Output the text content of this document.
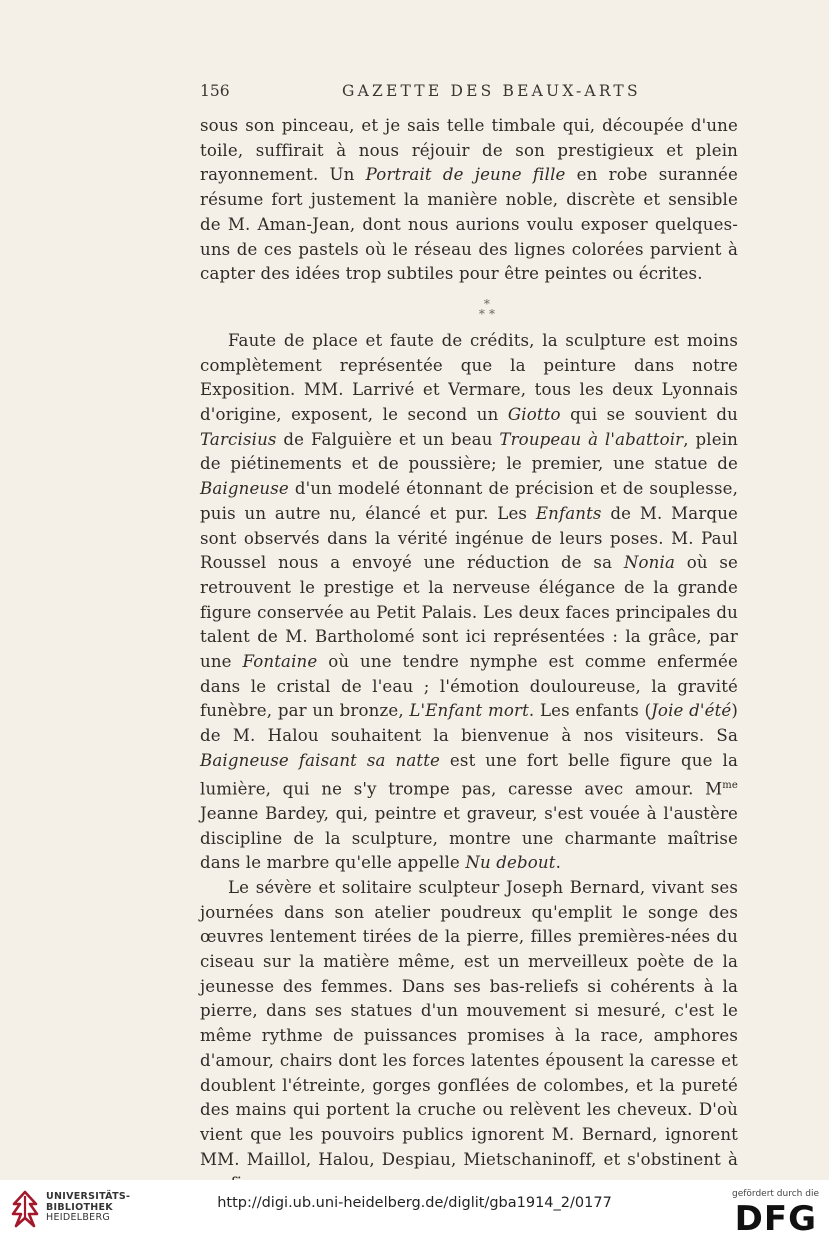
156	GAZETTE DES BEAUX-ARTS

sous son pinceau, et je sais telle timbale qui, découpée d'une toile, suffirait à nous réjouir de son prestigieux et plein rayonnement. Un Portrait de jeune fille en robe surannée résume fort justement la manière noble, discrète et sensible de M. Aman-Jean, dont nous aurions voulu exposer quelques-uns de ces pastels où le réseau des lignes colorées parvient à capter des idées trop subtiles pour être peintes ou écrites.

*
* *

Faute de place et faute de crédits, la sculpture est moins complètement représentée que la peinture dans notre Exposition. MM. Larrivé et Vermare, tous les deux Lyonnais d'origine, exposent, le second un Giotto qui se souvient du Tarcisius de Falguière et un beau Troupeau à l'abattoir, plein de piétinements et de poussière; le premier, une statue de Baigneuse d'un modelé étonnant de précision et de souplesse, puis un autre nu, élancé et pur. Les Enfants de M. Marque sont observés dans la vérité ingénue de leurs poses. M. Paul Roussel nous a envoyé une réduction de sa Nonia où se retrouvent le prestige et la nerveuse élégance de la grande figure conservée au Petit Palais. Les deux faces principales du talent de M. Bartholomé sont ici représentées : la grâce, par une Fontaine où une tendre nymphe est comme enfermée dans le cristal de l'eau ; l'émotion douloureuse, la gravité funèbre, par un bronze, L'Enfant mort. Les enfants (Joie d'été) de M. Halou souhaitent la bienvenue à nos visiteurs. Sa Baigneuse faisant sa natte est une fort belle figure que la lumière, qui ne s'y trompe pas, caresse avec amour. $M^{me}$ Jeanne Bardey, qui, peintre et graveur, s'est vouée à l'austère discipline de la sculpture, montre une charmante maîtrise dans le marbre qu'elle appelle Nu debout.

Le sévère et solitaire sculpteur Joseph Bernard, vivant ses journées dans son atelier poudreux qu'emplit le songe des œuvres lentement tirées de la pierre, filles premières-nées du ciseau sur la matière même, est un merveilleux poète de la jeunesse des femmes. Dans ses bas-reliefs si cohérents à la pierre, dans ses statues d'un mouvement si mesuré, c'est le même rythme de puissances promises à la race, amphores d'amour, chairs dont les forces latentes épousent la caresse et doublent l'étreinte, gorges gonflées de colombes, et la pureté des mains qui portent la cruche ou relèvent les cheveux. D'où vient que les pouvoirs publics ignorent M. Bernard, ignorent MM. Maillol, Halou, Despiau, Mietschaninoff, et s'obstinent à

UNIVERSITÄTS-
BIBLIOTHEK
HEIDELBERG
http://digi.ub.uni-heidelberg.de/diglit/gba1914_2/0177
gefördert durch die
DFG
